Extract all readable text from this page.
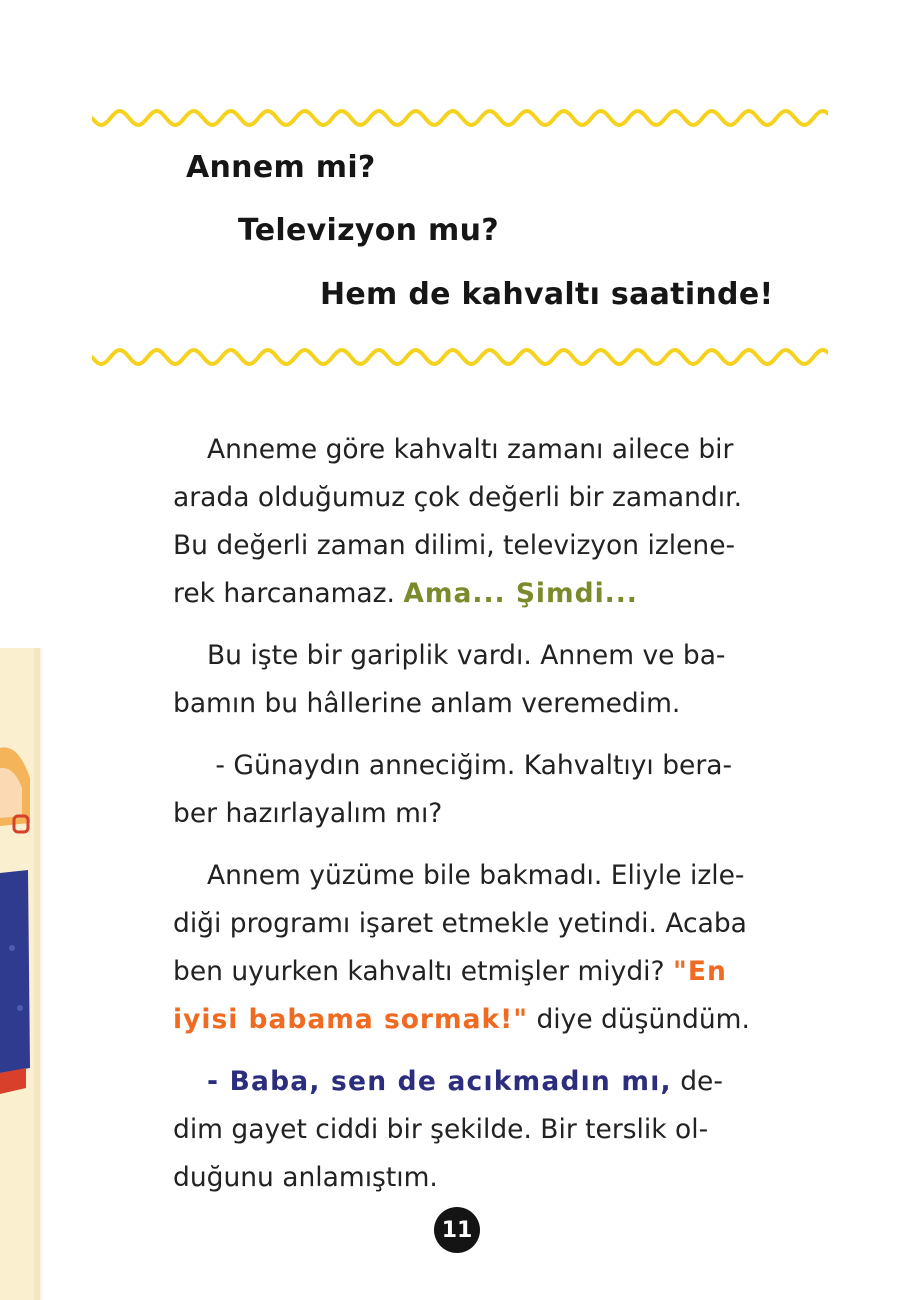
Annem mi?
Televizyon mu?
Hem de kahvaltı saatinde!
Anneme göre kahvaltı zamanı ailece bir
arada olduğumuz çok değerli bir zamandır.
Bu değerli zaman dilimi, televizyon izlene-
rek harcanamaz. Ama... Şimdi...
Bu işte bir gariplik vardı. Annem ve ba-
bamın bu hâllerine anlam veremedim.
- Günaydın anneciğim. Kahvaltıyı bera-
ber hazırlayalım mı?
Annem yüzüme bile bakmadı. Eliyle izle-
diği programı işaret etmekle yetindi. Acaba
ben uyurken kahvaltı etmişler miydi? "En
iyisi babama sormak!" diye düşündüm.
- Baba, sen de acıkmadın mı, de-
dim gayet ciddi bir şekilde. Bir terslik ol-
duğunu anlamıştım.
11
